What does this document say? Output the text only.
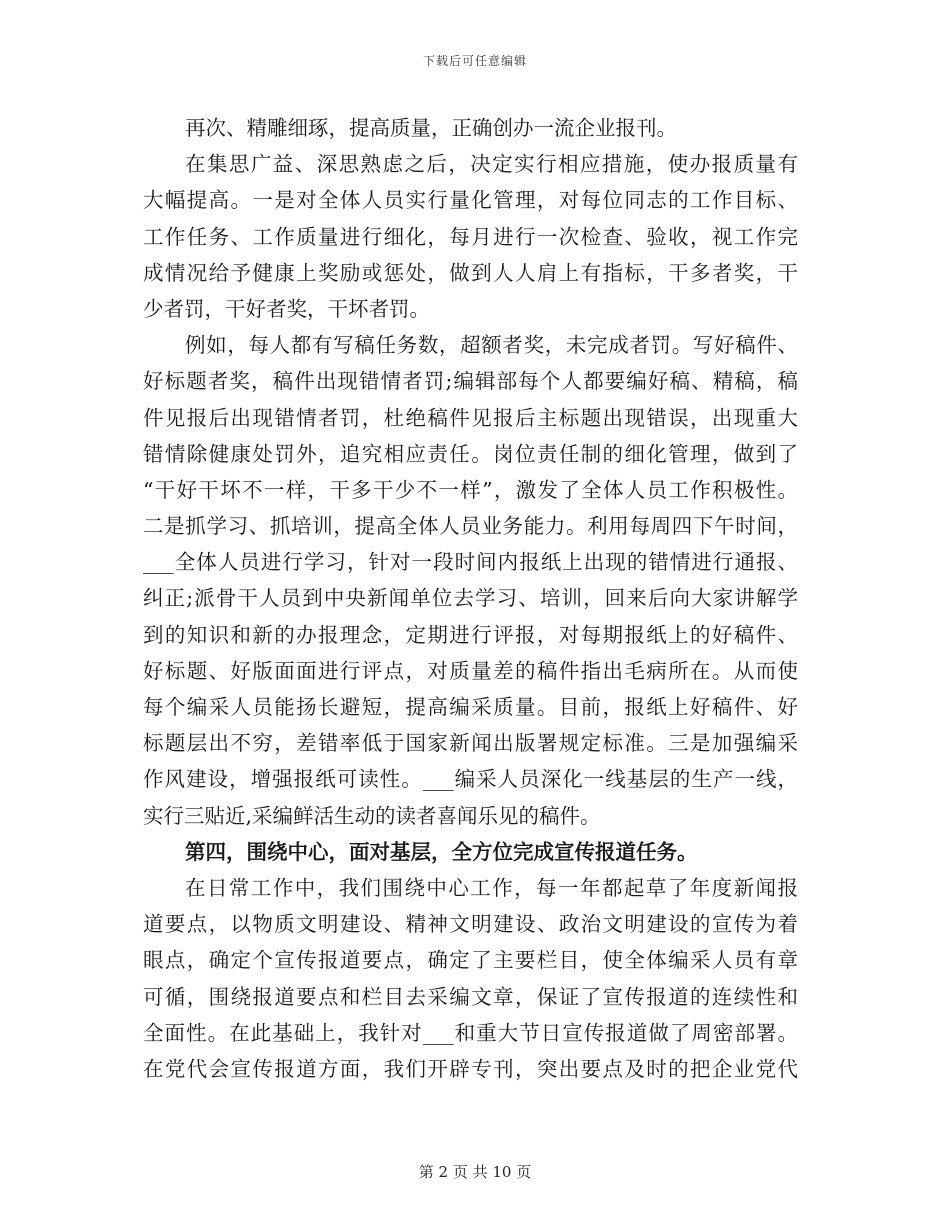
下载后可任意编辑
再次、精雕细琢，提高质量，正确创办一流企业报刊。
在集思广益、深思熟虑之后，决定实行相应措施，使办报质量有
大幅提高。一是对全体人员实行量化管理，对每位同志的工作目标、
工作任务、工作质量进行细化，每月进行一次检查、验收，视工作完
成情况给予健康上奖励或惩处，做到人人肩上有指标，干多者奖，干
少者罚，干好者奖，干坏者罚。
例如，每人都有写稿任务数，超额者奖，未完成者罚。写好稿件、
好标题者奖，稿件出现错情者罚;编辑部每个人都要编好稿、精稿，稿
件见报后出现错情者罚，杜绝稿件见报后主标题出现错误，出现重大
错情除健康处罚外，追究相应责任。岗位责任制的细化管理，做到了
“干好干坏不一样，干多干少不一样”，激发了全体人员工作积极性。
二是抓学习、抓培训，提高全体人员业务能力。利用每周四下午时间，
___全体人员进行学习，针对一段时间内报纸上出现的错情进行通报、
纠正;派骨干人员到中央新闻单位去学习、培训，回来后向大家讲解学
到的知识和新的办报理念，定期进行评报，对每期报纸上的好稿件、
好标题、好版面面进行评点，对质量差的稿件指出毛病所在。从而使
每个编采人员能扬长避短，提高编采质量。目前，报纸上好稿件、好
标题层出不穷，差错率低于国家新闻出版署规定标准。三是加强编采
作风建设，增强报纸可读性。___编采人员深化一线基层的生产一线，
实行三贴近,采编鲜活生动的读者喜闻乐见的稿件。
第四，围绕中心，面对基层，全方位完成宣传报道任务。
在日常工作中，我们围绕中心工作，每一年都起草了年度新闻报
道要点，以物质文明建设、精神文明建设、政治文明建设的宣传为着
眼点，确定个宣传报道要点，确定了主要栏目，使全体编采人员有章
可循，围绕报道要点和栏目去采编文章，保证了宣传报道的连续性和
全面性。在此基础上，我针对___和重大节日宣传报道做了周密部署。
在党代会宣传报道方面，我们开辟专刊，突出要点及时的把企业党代
第 2 页 共 10 页
